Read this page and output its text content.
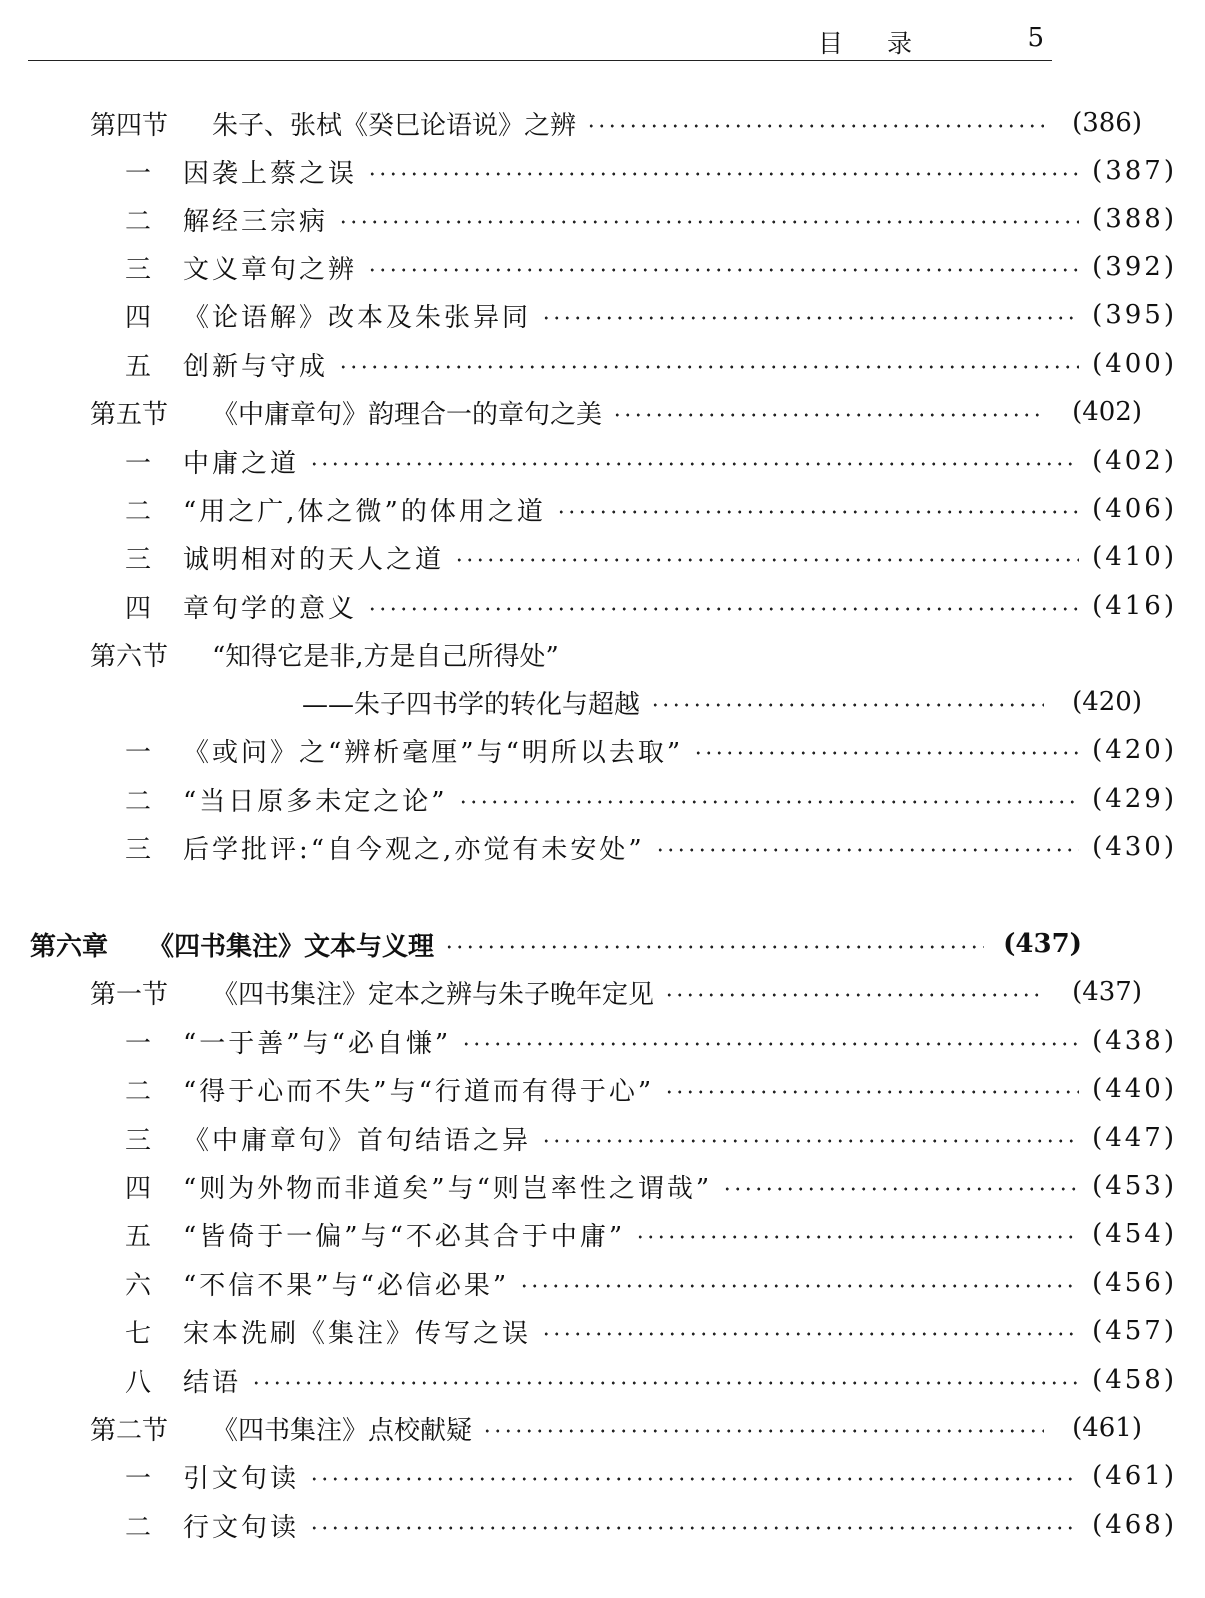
目录	5
第四节	朱子、张栻《癸巳论语说》之辨	(386)
一	因袭上蔡之误	(387)
二	解经三宗病	(388)
三	文义章句之辨	(392)
四	《论语解》改本及朱张异同	(395)
五	创新与守成	(400)
第五节	《中庸章句》韵理合一的章句之美	(402)
一	中庸之道	(402)
二	“用之广,体之微”的体用之道	(406)
三	诚明相对的天人之道	(410)
四	章句学的意义	(416)
第六节	“知得它是非,方是自己所得处”
——朱子四书学的转化与超越	(420)
一	《或问》之“辨析毫厘”与“明所以去取”	(420)
二	“当日原多未定之论”	(429)
三	后学批评:“自今观之,亦觉有未安处”	(430)
第六章	《四书集注》文本与义理	(437)
第一节	《四书集注》定本之辨与朱子晚年定见	(437)
一	“一于善”与“必自慊”	(438)
二	“得于心而不失”与“行道而有得于心”	(440)
三	《中庸章句》首句结语之异	(447)
四	“则为外物而非道矣”与“则岂率性之谓哉”	(453)
五	“皆倚于一偏”与“不必其合于中庸”	(454)
六	“不信不果”与“必信必果”	(456)
七	宋本洗刷《集注》传写之误	(457)
八	结语	(458)
第二节	《四书集注》点校献疑	(461)
一	引文句读	(461)
二	行文句读	(468)
